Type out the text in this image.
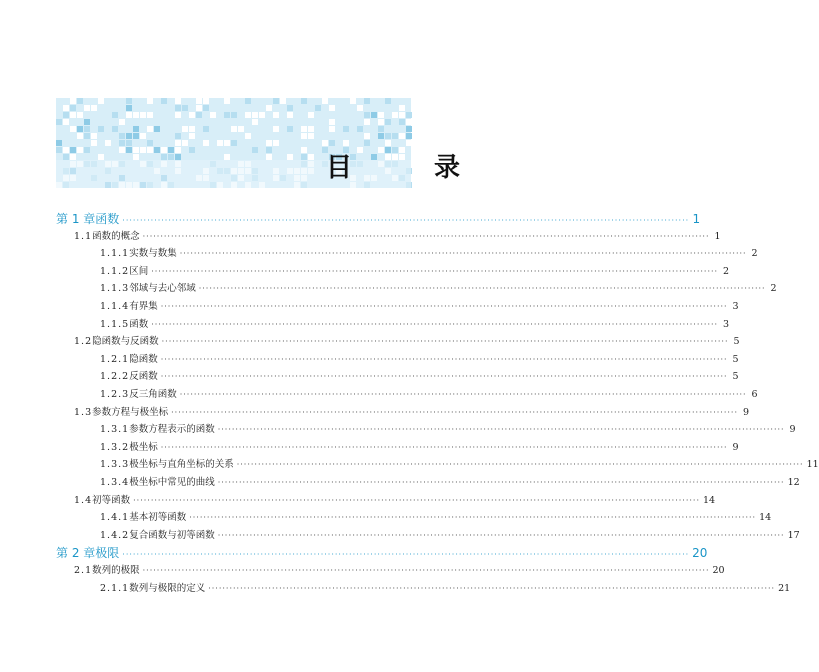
目　录
第 1 章 函数 ·····	1
1.1 函数的概念 ·····	1
1.1.1 实数与数集 ·····	2
1.1.2 区间 ·····	2
1.1.3 邻域与去心邻域 ·····	2
1.1.4 有界集 ·····	3
1.1.5 函数 ·····	3
1.2 隐函数与反函数 ·····	5
1.2.1 隐函数 ·····	5
1.2.2 反函数 ·····	5
1.2.3 反三角函数 ·····	6
1.3 参数方程与极坐标 ·····	9
1.3.1 参数方程表示的函数 ·····	9
1.3.2 极坐标 ·····	9
1.3.3 极坐标与直角坐标的关系 ·····	11
1.3.4 极坐标中常见的曲线 ·····	12
1.4 初等函数 ·····	14
1.4.1 基本初等函数 ·····	14
1.4.2 复合函数与初等函数 ·····	17
第 2 章 极限 ·····	20
2.1 数列的极限 ·····	20
2.1.1 数列与极限的定义 ·····	21
